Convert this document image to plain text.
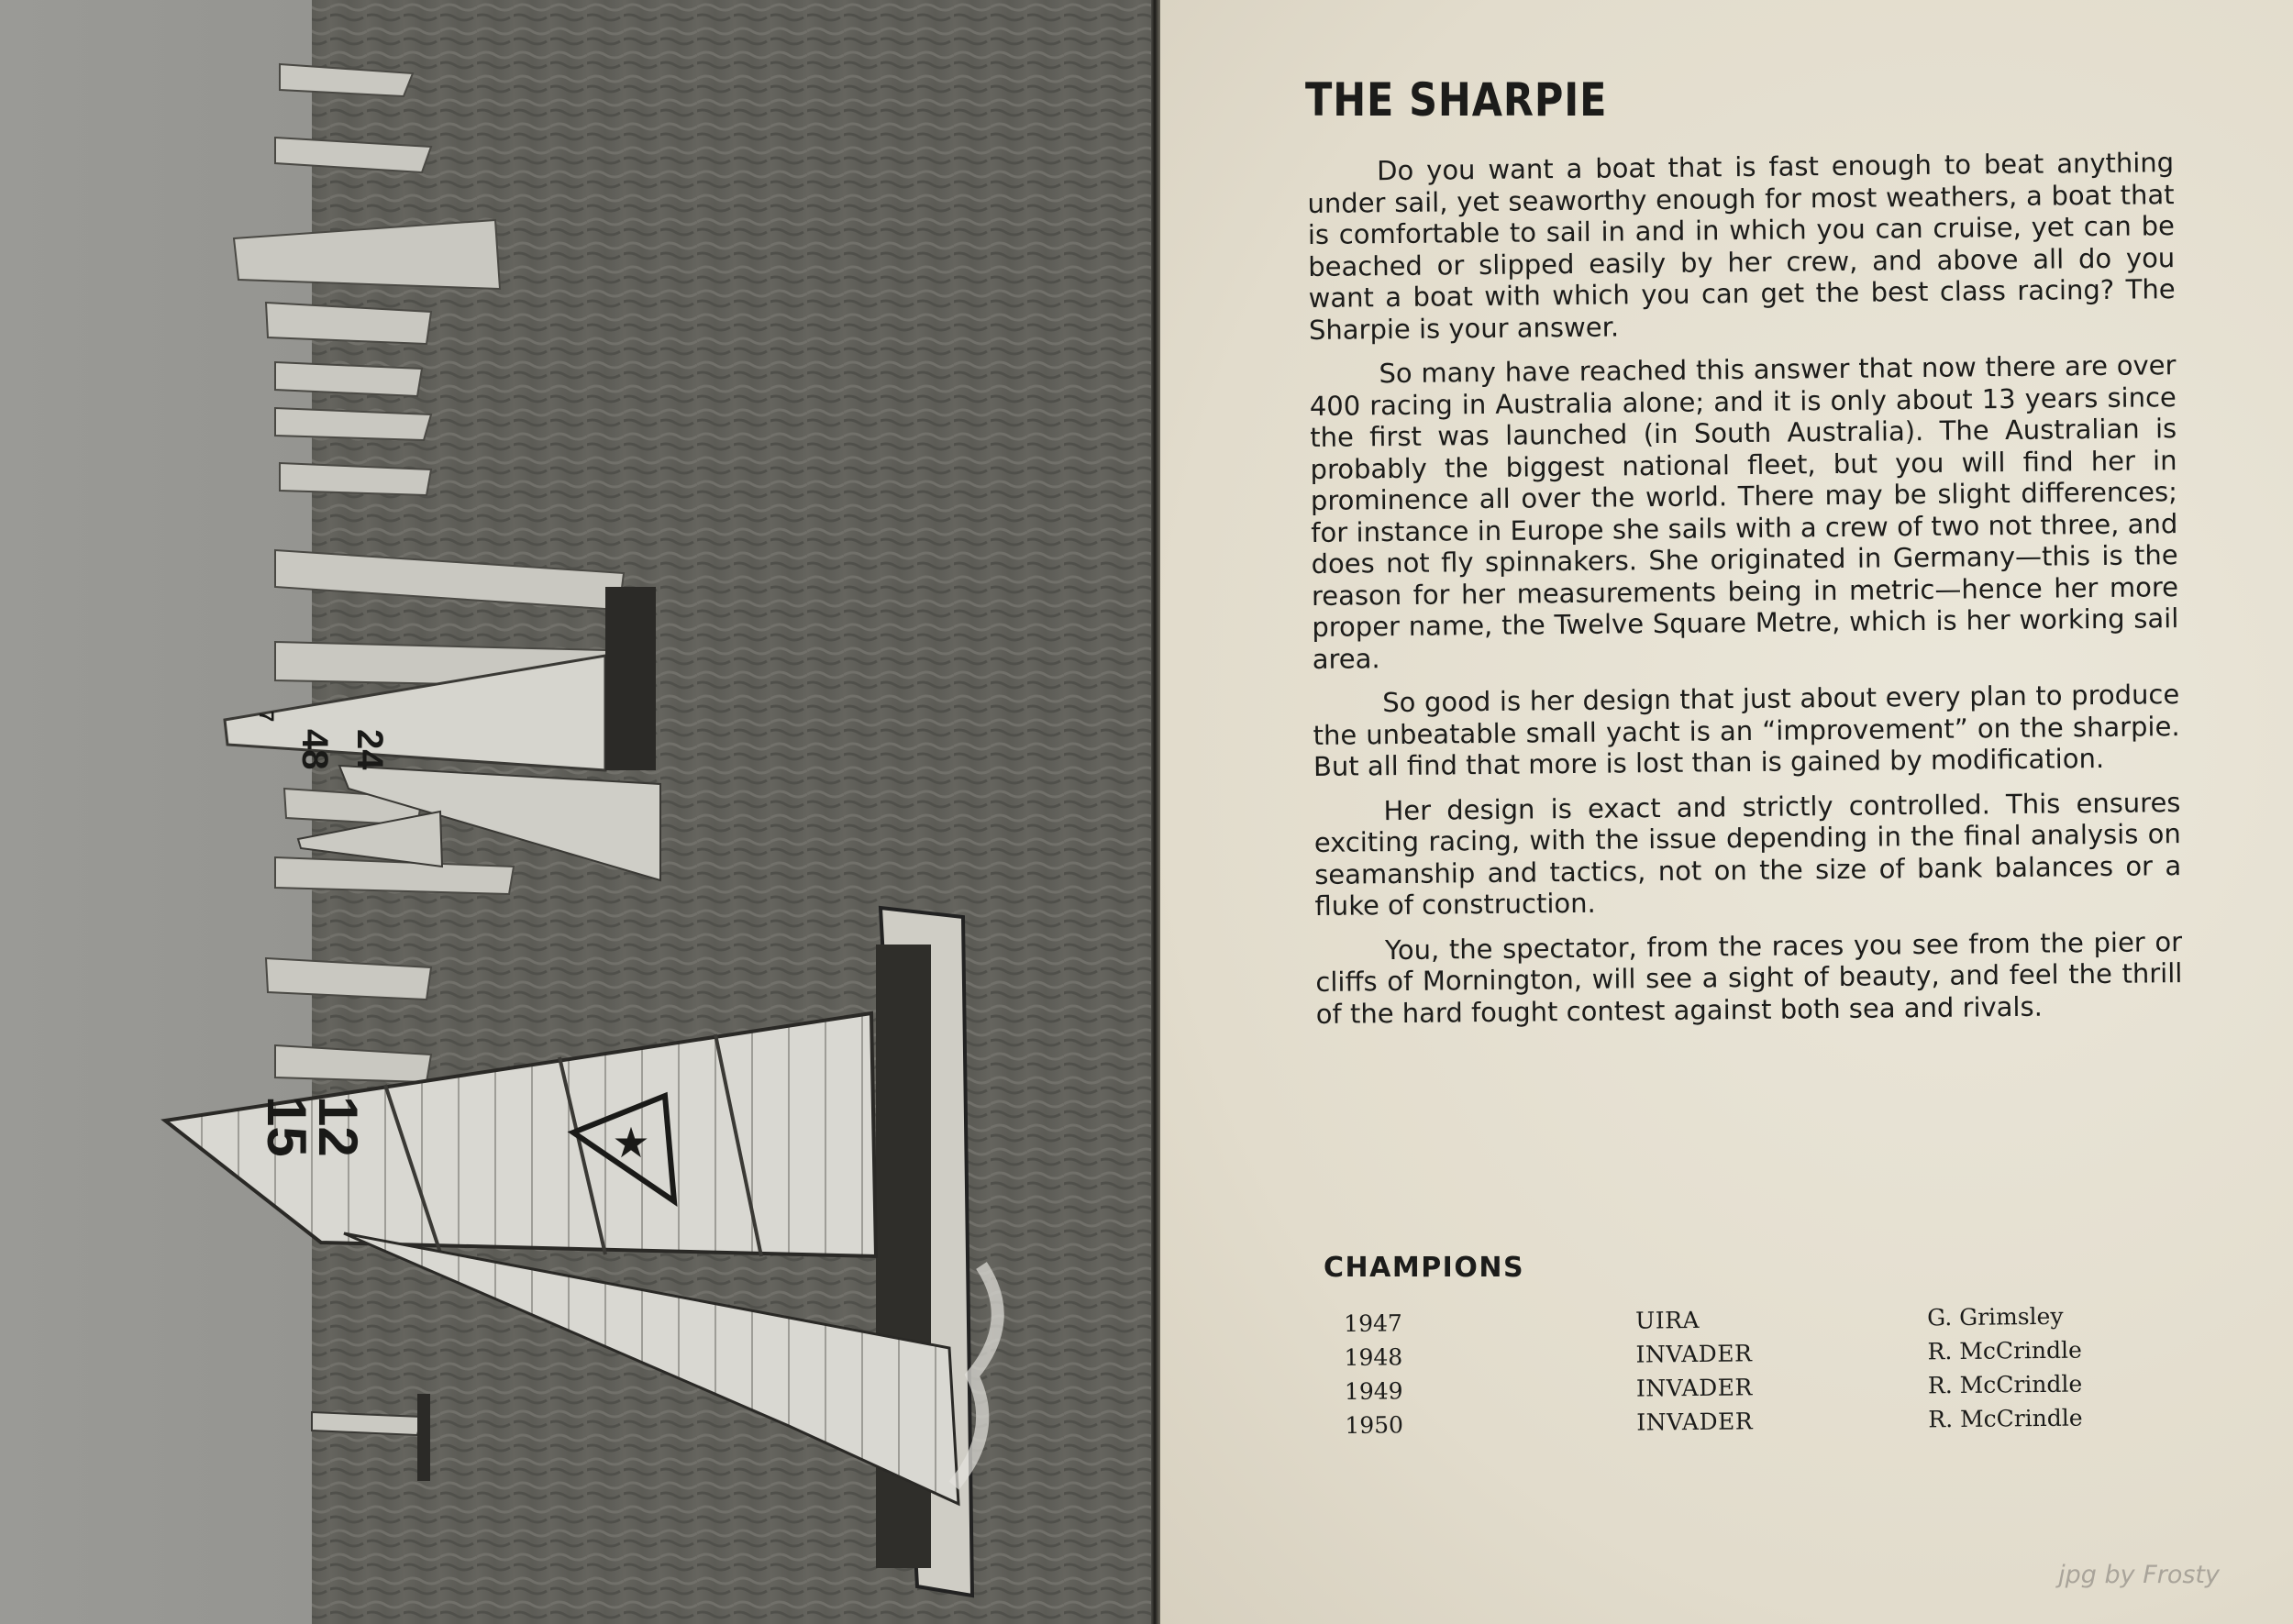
48 24
7
★
15
12
THE SHARPIE

Do you want a boat that is fast enough to beat anything under sail, yet seaworthy enough for most weathers, a boat that is comfortable to sail in and in which you can cruise, yet can be beached or slipped easily by her crew, and above all do you want a boat with which you can get the best class racing? The Sharpie is your answer.

So many have reached this answer that now there are over 400 racing in Australia alone; and it is only about 13 years since the first was launched (in South Australia). The Australian is probably the biggest national fleet, but you will find her in prominence all over the world. There may be slight differences; for instance in Europe she sails with a crew of two not three, and does not fly spinnakers. She originated in Germany—this is the reason for her measurements being in metric—hence her more proper name, the Twelve Square Metre, which is her working sail area.

So good is her design that just about every plan to produce the unbeatable small yacht is an “improvement” on the sharpie. But all find that more is lost than is gained by modification.

Her design is exact and strictly controlled. This ensures exciting racing, with the issue depending in the final analysis on seamanship and tactics, not on the size of bank balances or a fluke of construction.

You, the spectator, from the races you see from the pier or cliffs of Mornington, will see a sight of beauty, and feel the thrill of the hard fought contest against both sea and rivals.

CHAMPIONS
1947	UIRA	G. Grimsley
1948	INVADER	R. McCrindle
1949	INVADER	R. McCrindle
1950	INVADER	R. McCrindle
jpg by Frosty
